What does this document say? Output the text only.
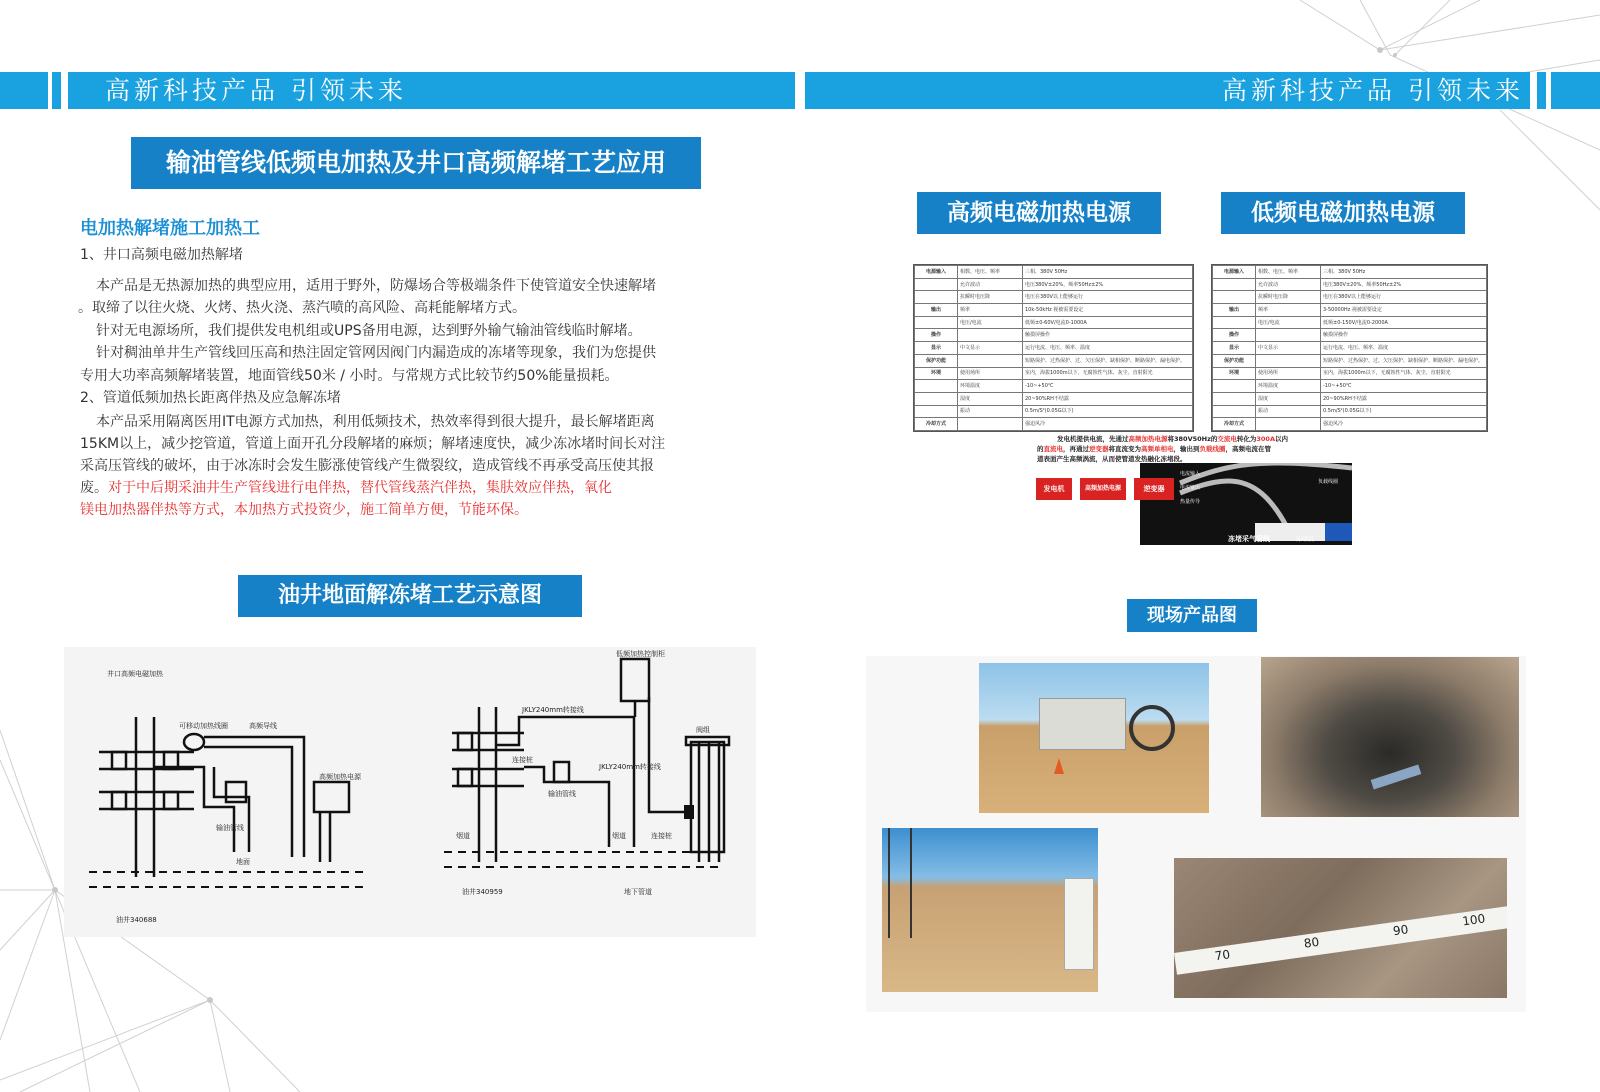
高新科技产品 引领未来	高新科技产品 引领未来
输油管线低频电加热及井口高频解堵工艺应用
电加热解堵施工加热工
1、井口高频电磁加热解堵
本产品是无热源加热的典型应用，适用于野外，防爆场合等极端条件下使管道安全快速解堵
。取缔了以往火烧、火烤、热火浇、蒸汽喷的高风险、高耗能解堵方式。
针对无电源场所，我们提供发电机组或UPS备用电源，达到野外输气输油管线临时解堵。
针对稠油单井生产管线回压高和热注固定管网因阀门内漏造成的冻堵等现象，我们为您提供
专用大功率高频解堵装置，地面管线50米 / 小时。与常规方式比较节约50%能量损耗。
2、管道低频加热长距离伴热及应急解冻堵
本产品采用隔离医用IT电源方式加热，利用低频技术，热效率得到很大提升，最长解堵距离
15KM以上，减少挖管道，管道上面开孔分段解堵的麻烦；解堵速度快，减少冻冰堵时间长对注
采高压管线的破坏，由于冰冻时会发生膨涨使管线产生微裂纹，造成管线不再承受高压使其报
废。对于中后期采油井生产管线进行电伴热，替代管线蒸汽伴热，集肤效应伴热，氧化
镁电加热器伴热等方式，本加热方式投资少，施工简单方便，节能环保。
油井地面解冻堵工艺示意图
井口高频电磁加热
可移动加热线圈	高频导线
输油管线
地面
高频加热电源
油井340688
JKLY240mm转接线
连接桩
输油管线
烟道
JKLY240mm转接线
烟道	连接桩
低频加热控制柜
阀组
油井340959	地下管道
高频电磁加热电源	低频电磁加热电源
电源输入	相数、电压、频率	三相、380V 50Hz
	允许波动	电压380V±20%，频率50Hz±2%
	抗瞬时电压降	电压在380V以上能够运行
输出	频率	10k-50kHz 视被需要设定
	电压/电流	低频±0-60V/电流0-1000A
操作		触摸屏操作
显示	中文显示	运行电流、电压、频率、温度
保护功能		短路保护、过热保护、过、欠压保护、缺相保护、断路保护、漏电保护。
环境	使用场所	室内，海拔1000m以下，无腐蚀性气体、灰尘、直射阳光
	环境温度	-10~+50℃
	湿度	20~90%RH不结露
	振动	0.5m/S²(0.05G以下)
冷却方式		强迫风冷
电源输入	相数、电压、频率	三相、380V 50Hz
	允许波动	电压380V±20%，频率50Hz±2%
	抗瞬时电压降	电压在380V以上能够运行
输出	频率	3-50000Hz 视被需要设定
	电压/电流	低频±0-150V/电流0-2000A
操作		触摸屏操作
显示	中文显示	运行电流、电压、频率、温度
保护功能		短路保护、过热保护、过、欠压保护、缺相保护、断路保护、漏电保护。
环境	使用场所	室内，海拔1000m以下，无腐蚀性气体、灰尘、直射阳光
	环境温度	-10~+50℃
	湿度	20~90%RH不结露
	振动	0.5m/S²(0.05G以下)
冷却方式		强迫风冷
发电机提供电流，先通过高频加热电源将380V50Hz的交流电转化为300A以内
的直流电，再通过逆变器将直流变为高频单相电，输出到负载线圈，高频电流在管
道表面产生高频涡流，从而使管道发热融化冻堵段。
发电机	高频加热电源	逆变器
电流输入
电流输出
热量传导
负载线圈
冻堵采气管线	冻堵段
现场产品图
70
80
90
100
